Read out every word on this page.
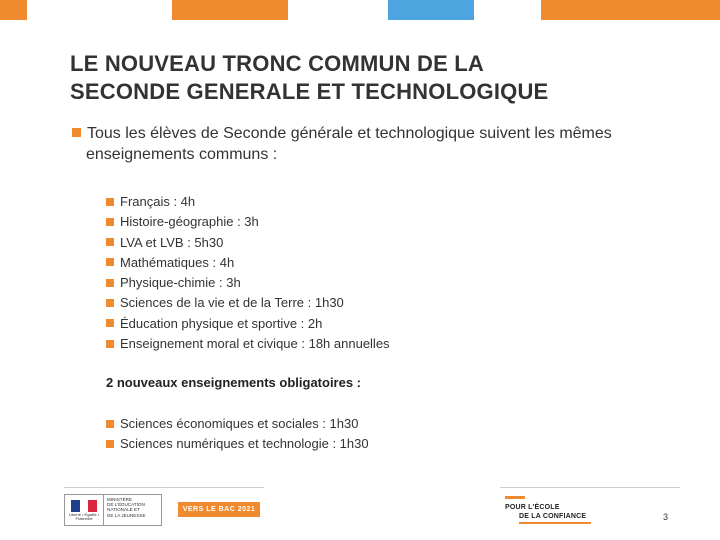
LE NOUVEAU TRONC COMMUN DE LA
SECONDE GENERALE ET TECHNOLOGIQUE
Tous les élèves de Seconde générale et technologique suivent les mêmes
enseignements communs :
Français : 4h
Histoire-géographie : 3h
LVA et LVB : 5h30
Mathématiques : 4h
Physique-chimie : 3h
Sciences de la vie et de la Terre : 1h30
Éducation physique et sportive : 2h
Enseignement moral et civique : 18h annuelles
2 nouveaux enseignements obligatoires :
Sciences économiques et sociales : 1h30
Sciences numériques et technologie : 1h30
Liberté • Égalité • Fraternité
MINISTÈRE
DE L'ÉDUCATION
NATIONALE ET
DE LA JEUNESSE
VERS LE BAC 2021	POUR L'ÉCOLE
DE LA CONFIANCE	3
